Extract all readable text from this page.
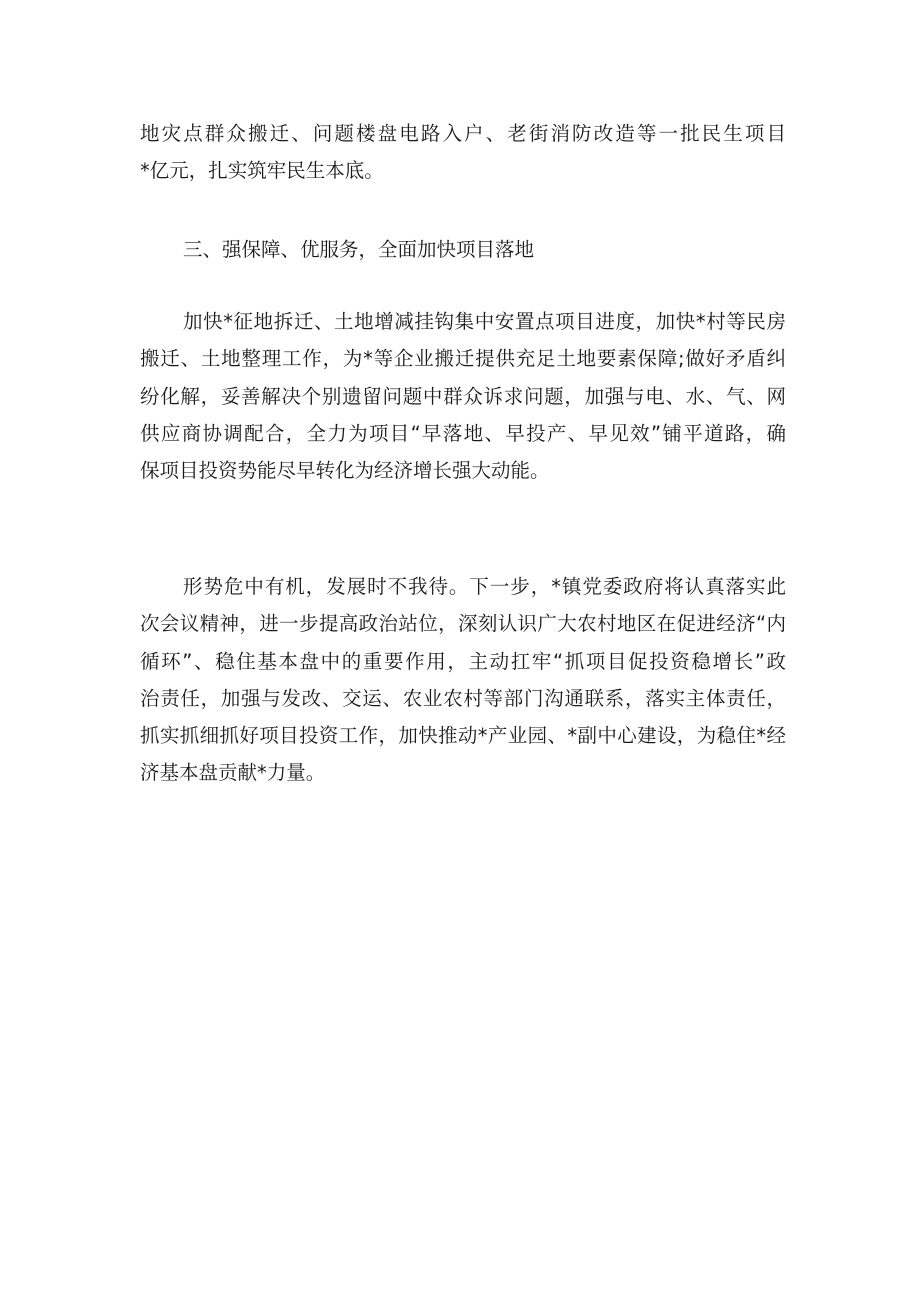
地灾点群众搬迁、问题楼盘电路入户、老街消防改造等一批民生项目
*亿元，扎实筑牢民生本底。

三、强保障、优服务，全面加快项目落地

加快*征地拆迁、土地增减挂钩集中安置点项目进度，加快*村等民房
搬迁、土地整理工作，为*等企业搬迁提供充足土地要素保障;做好矛盾纠
纷化解，妥善解决个别遗留问题中群众诉求问题，加强与电、水、气、网
供应商协调配合，全力为项目“早落地、早投产、早见效”铺平道路，确
保项目投资势能尽早转化为经济增长强大动能。

形势危中有机，发展时不我待。下一步，*镇党委政府将认真落实此
次会议精神，进一步提高政治站位，深刻认识广大农村地区在促进经济“内
循环”、稳住基本盘中的重要作用，主动扛牢“抓项目促投资稳增长”政
治责任，加强与发改、交运、农业农村等部门沟通联系，落实主体责任，
抓实抓细抓好项目投资工作，加快推动*产业园、*副中心建设，为稳住*经
济基本盘贡献*力量。
